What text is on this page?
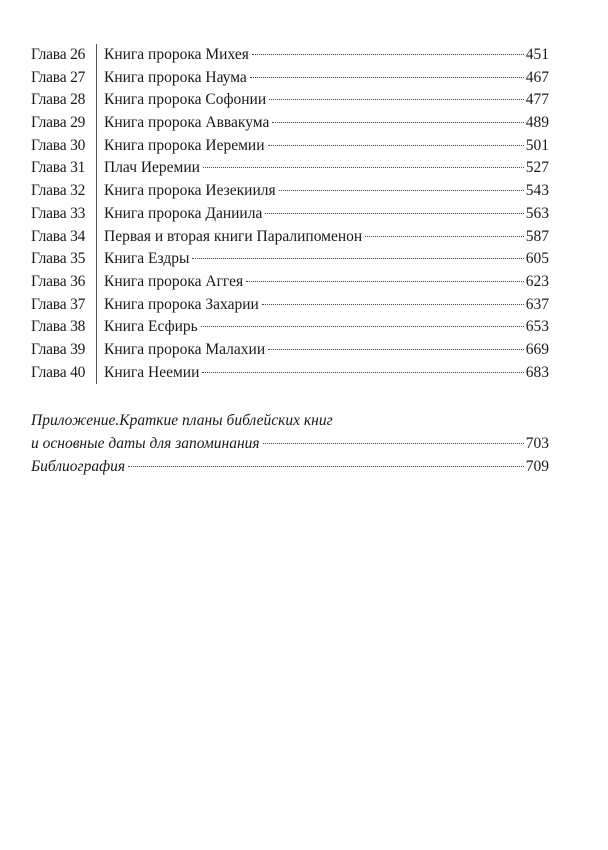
Глава 26	Книга пророка Михея	451
Глава 27	Книга пророка Наума	467
Глава 28	Книга пророка Софонии	477
Глава 29	Книга пророка Аввакума	489
Глава 30	Книга пророка Иеремии	501
Глава 31	Плач Иеремии	527
Глава 32	Книга пророка Иезекииля	543
Глава 33	Книга пророка Даниила	563
Глава 34	Первая и вторая книги Паралипоменон	587
Глава 35	Книга Ездры	605
Глава 36	Книга пророка Аггея	623
Глава 37	Книга пророка Захарии	637
Глава 38	Книга Есфирь	653
Глава 39	Книга пророка Малахии	669
Глава 40	Книга Неемии	683
Приложение.Краткие планы библейских книг
и основные даты для запоминания	703
Библиография	709
